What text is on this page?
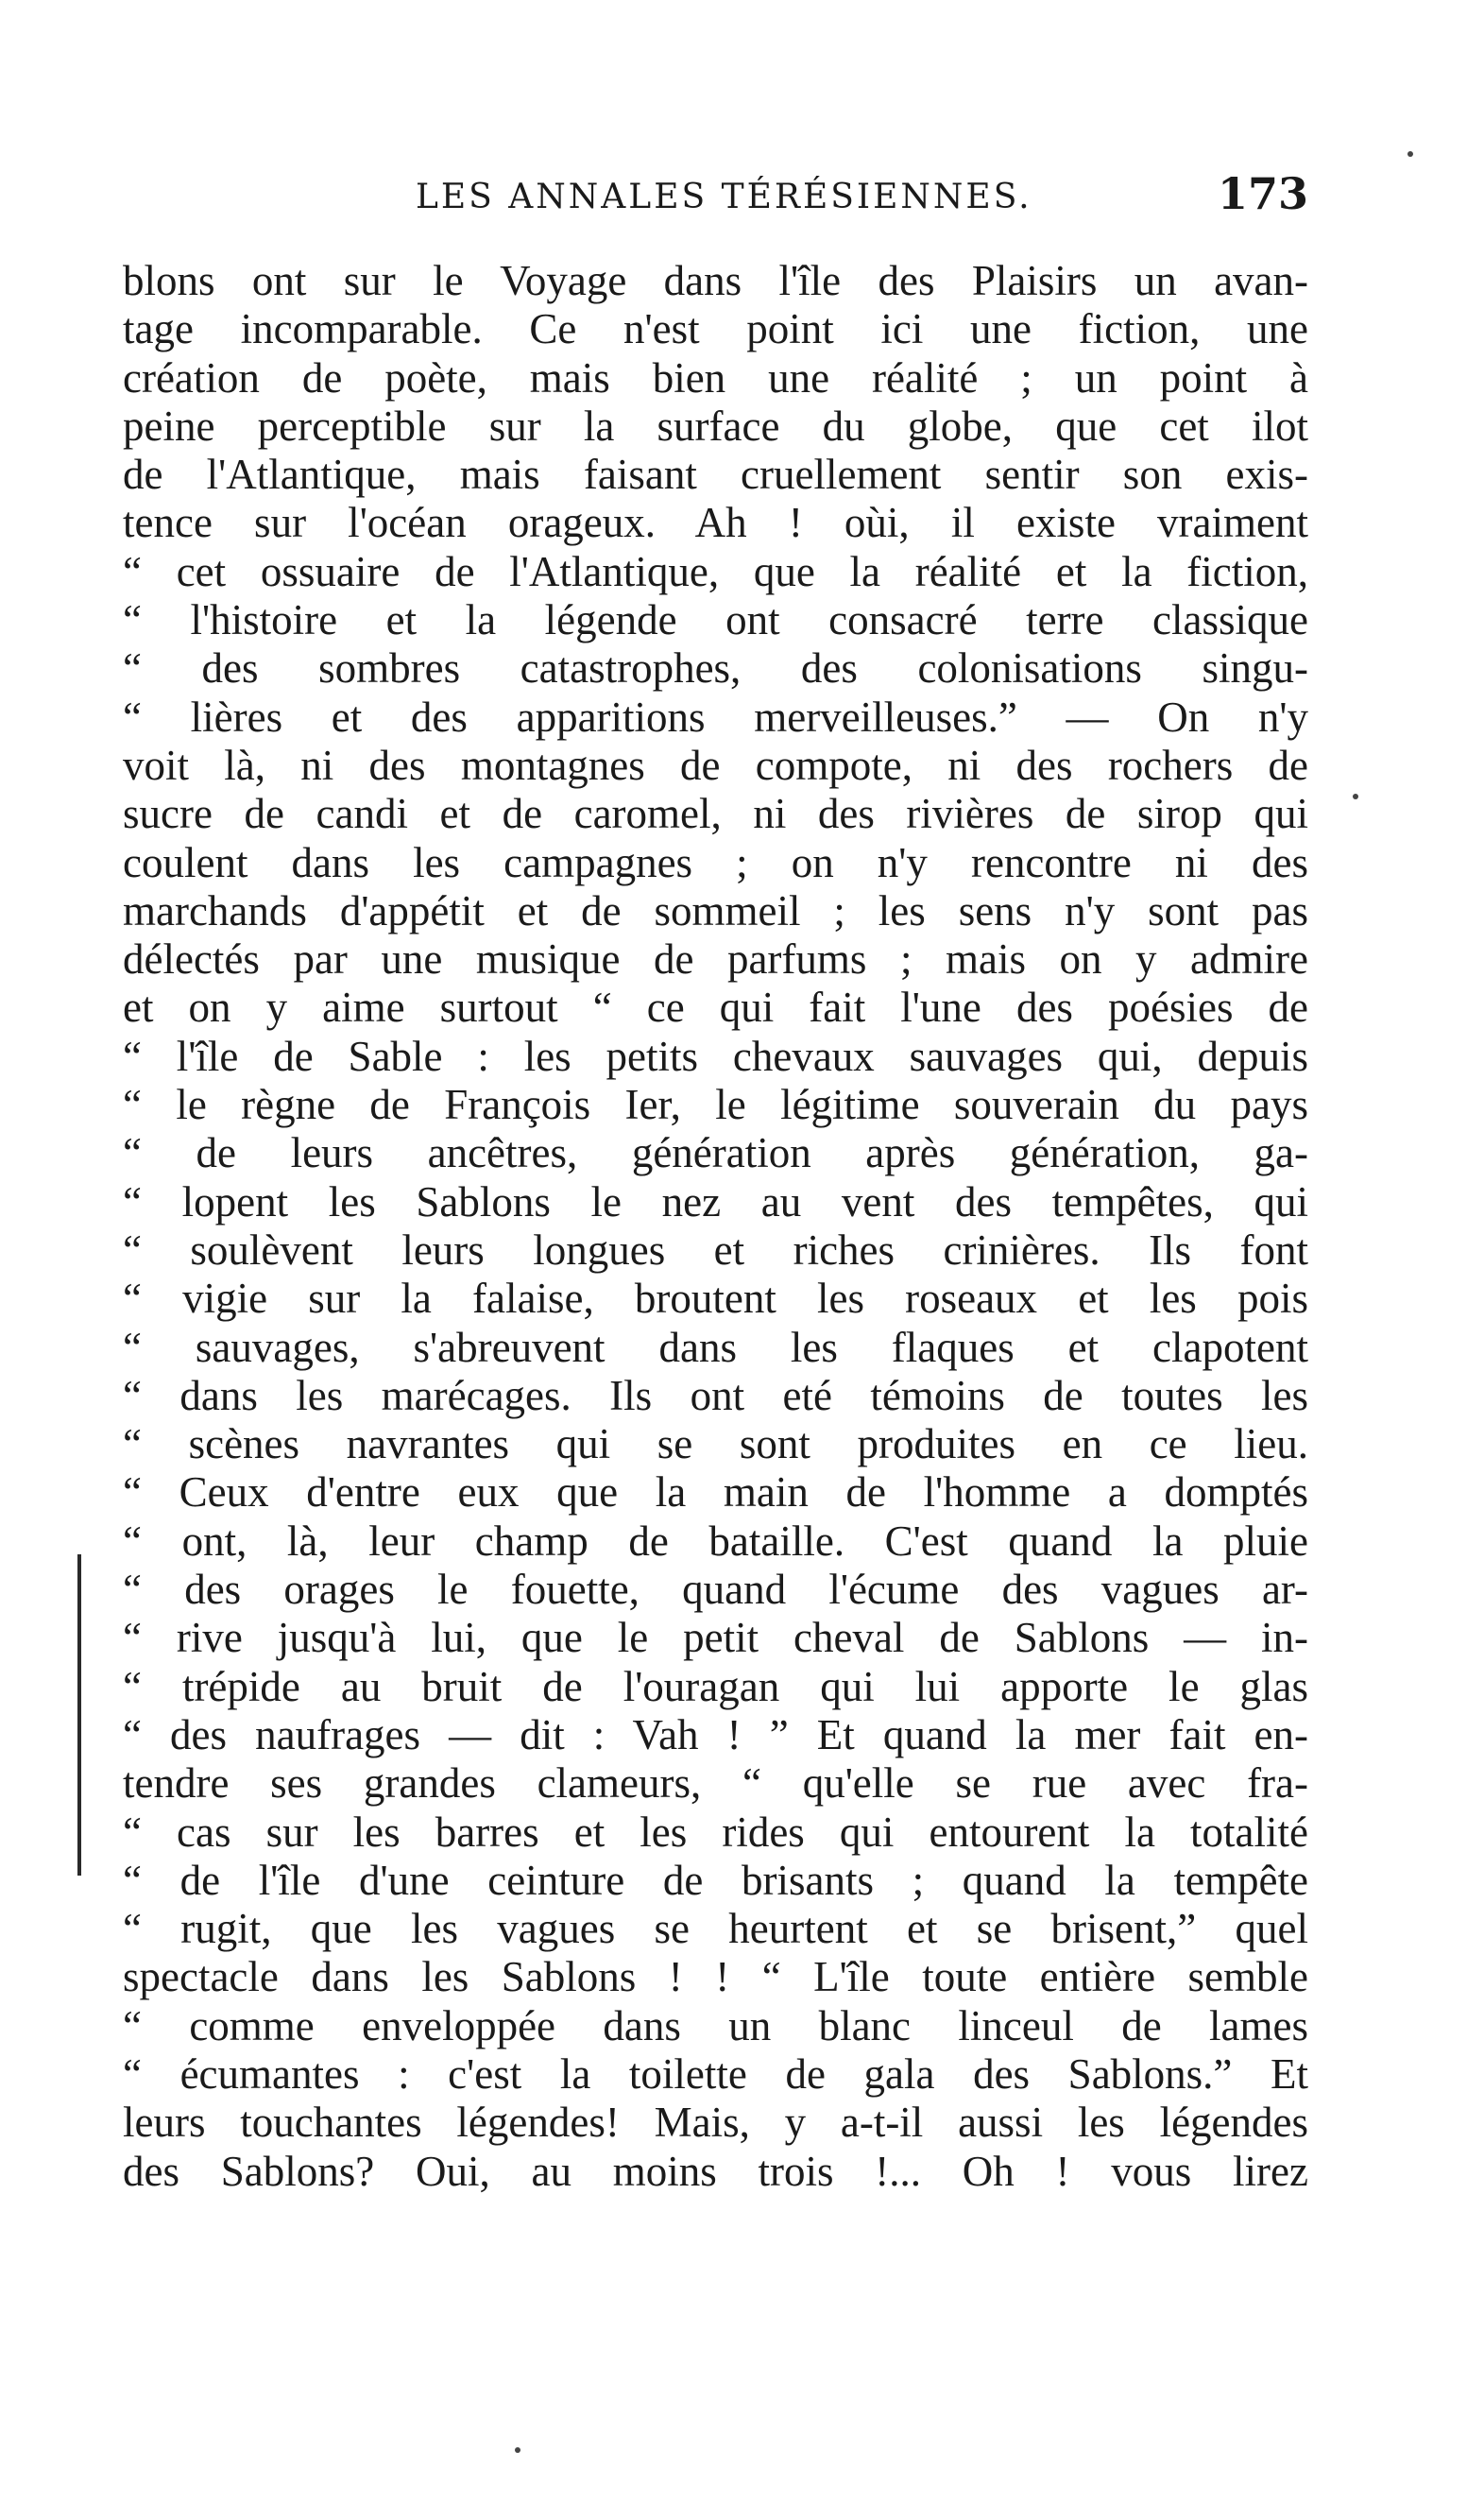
LES ANNALES TÉRÉSIENNES.	173
blons ont sur le Voyage dans l'île des Plaisirs un avan-
tage incomparable. Ce n'est point ici une fiction, une
création de poète, mais bien une réalité ; un point à
peine perceptible sur la surface du globe, que cet ilot
de l'Atlantique, mais faisant cruellement sentir son exis-
tence sur l'océan orageux. Ah ! oùi, il existe vraiment
“ cet ossuaire de l'Atlantique, que la réalité et la fiction,
“ l'histoire et la légende ont consacré terre classique
“ des sombres catastrophes, des colonisations singu-
“ lières et des apparitions merveilleuses.” — On n'y
voit là, ni des montagnes de compote, ni des rochers de
sucre de candi et de caromel, ni des rivières de sirop qui
coulent dans les campagnes ; on n'y rencontre ni des
marchands d'appétit et de sommeil ; les sens n'y sont pas
délectés par une musique de parfums ; mais on y admire
et on y aime surtout “ ce qui fait l'une des poésies de
“ l'île de Sable : les petits chevaux sauvages qui, depuis
“ le règne de François Ier, le légitime souverain du pays
“ de leurs ancêtres, génération après génération, ga-
“ lopent les Sablons le nez au vent des tempêtes, qui
“ soulèvent leurs longues et riches crinières. Ils font
“ vigie sur la falaise, broutent les roseaux et les pois
“ sauvages, s'abreuvent dans les flaques et clapotent
“ dans les marécages. Ils ont eté témoins de toutes les
“ scènes navrantes qui se sont produites en ce lieu.
“ Ceux d'entre eux que la main de l'homme a domptés
“ ont, là, leur champ de bataille. C'est quand la pluie
“ des orages le fouette, quand l'écume des vagues ar-
“ rive jusqu'à lui, que le petit cheval de Sablons — in-
“ trépide au bruit de l'ouragan qui lui apporte le glas
“ des naufrages — dit : Vah ! ” Et quand la mer fait en-
tendre ses grandes clameurs, “ qu'elle se rue avec fra-
“ cas sur les barres et les rides qui entourent la totalité
“ de l'île d'une ceinture de brisants ; quand la tempête
“ rugit, que les vagues se heurtent et se brisent,” quel
spectacle dans les Sablons ! ! “ L'île toute entière semble
“ comme enveloppée dans un blanc linceul de lames
“ écumantes : c'est la toilette de gala des Sablons.” Et
leurs touchantes légendes! Mais, y a-t-il aussi les légendes
des Sablons? Oui, au moins trois !... Oh ! vous lirez
